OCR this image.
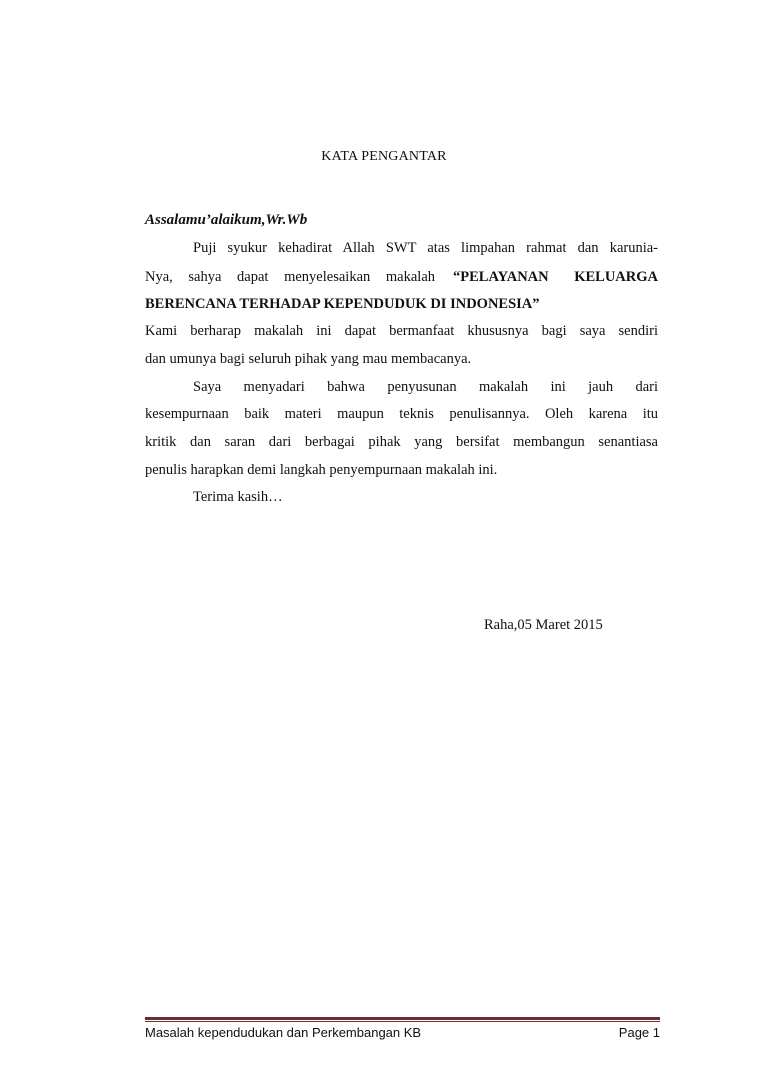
KATA PENGANTAR
Assalamu’alaikum,Wr.Wb
Puji syukur kehadirat Allah SWT atas limpahan rahmat dan karunia-
Nya, sahya dapat menyelesaikan makalah “PELAYANAN KELUARGA
BERENCANA TERHADAP KEPENDUDUK DI INDONESIA”
Kami berharap makalah ini dapat bermanfaat khususnya bagi saya sendiri
dan umunya bagi seluruh pihak yang mau membacanya.
Saya menyadari bahwa penyusunan makalah ini jauh dari
kesempurnaan baik materi maupun teknis penulisannya. Oleh karena itu
kritik dan saran dari berbagai pihak yang bersifat membangun senantiasa
penulis harapkan demi langkah penyempurnaan makalah ini.
Terima kasih…
Raha,05 Maret 2015
Masalah kependudukan dan Perkembangan KB	Page 1
